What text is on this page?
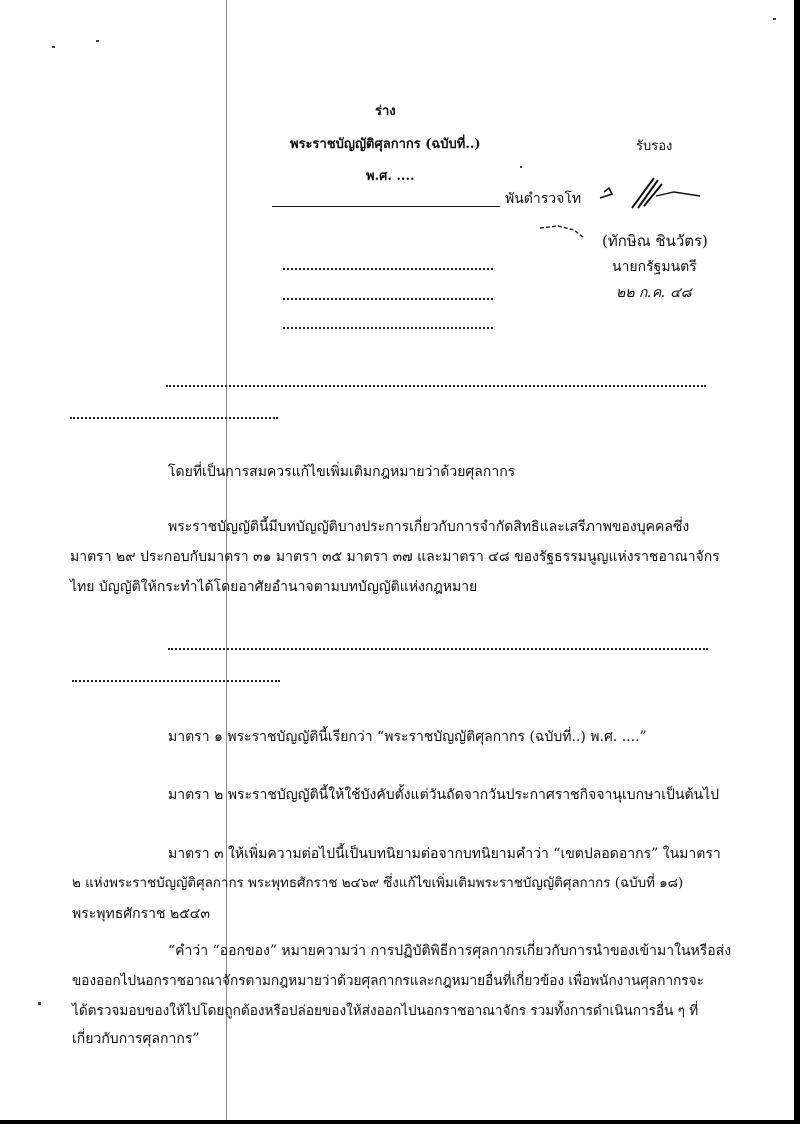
ร่าง
พระราชบัญญัติศุลกากร (ฉบับที่..)
พ.ศ. ....
รับรอง
พันตำรวจโท
(ทักษิณ ชินวัตร)
นายกรัฐมนตรี
๒๒ ก.ค. ๔๘
โดยที่เป็นการสมควรแก้ไขเพิ่มเติมกฎหมายว่าด้วยศุลกากร
พระราชบัญญัตินี้มีบทบัญญัติบางประการเกี่ยวกับการจำกัดสิทธิและเสรีภาพของบุคคลซึ่ง
มาตรา ๒๙ ประกอบกับมาตรา ๓๑ มาตรา ๓๕ มาตรา ๓๗ และมาตรา ๔๘ ของรัฐธรรมนูญแห่งราชอาณาจักร
ไทย บัญญัติให้กระทำได้โดยอาศัยอำนาจตามบทบัญญัติแห่งกฎหมาย
มาตรา ๑ พระราชบัญญัตินี้เรียกว่า “พระราชบัญญัติศุลกากร (ฉบับที่..) พ.ศ. ....”
มาตรา ๒ พระราชบัญญัตินี้ให้ใช้บังคับตั้งแต่วันถัดจากวันประกาศราชกิจจานุเบกษาเป็นต้นไป
มาตรา ๓ ให้เพิ่มความต่อไปนี้เป็นบทนิยามต่อจากบทนิยามคำว่า “เขตปลอดอากร” ในมาตรา
๒ แห่งพระราชบัญญัติศุลกากร พระพุทธศักราช ๒๔๖๙ ซึ่งแก้ไขเพิ่มเติมพระราชบัญญัติศุลกากร (ฉบับที่ ๑๘)
พระพุทธศักราช ๒๕๔๓
“คำว่า “ออกของ” หมายความว่า การปฏิบัติพิธีการศุลกากรเกี่ยวกับการนำของเข้ามาในหรือส่ง
ของออกไปนอกราชอาณาจักรตามกฎหมายว่าด้วยศุลกากรและกฎหมายอื่นที่เกี่ยวข้อง เพื่อพนักงานศุลกากรจะ
ได้ตรวจมอบของให้ไปโดยถูกต้องหรือปล่อยของให้ส่งออกไปนอกราชอาณาจักร รวมทั้งการดำเนินการอื่น ๆ ที่
เกี่ยวกับการศุลกากร”
